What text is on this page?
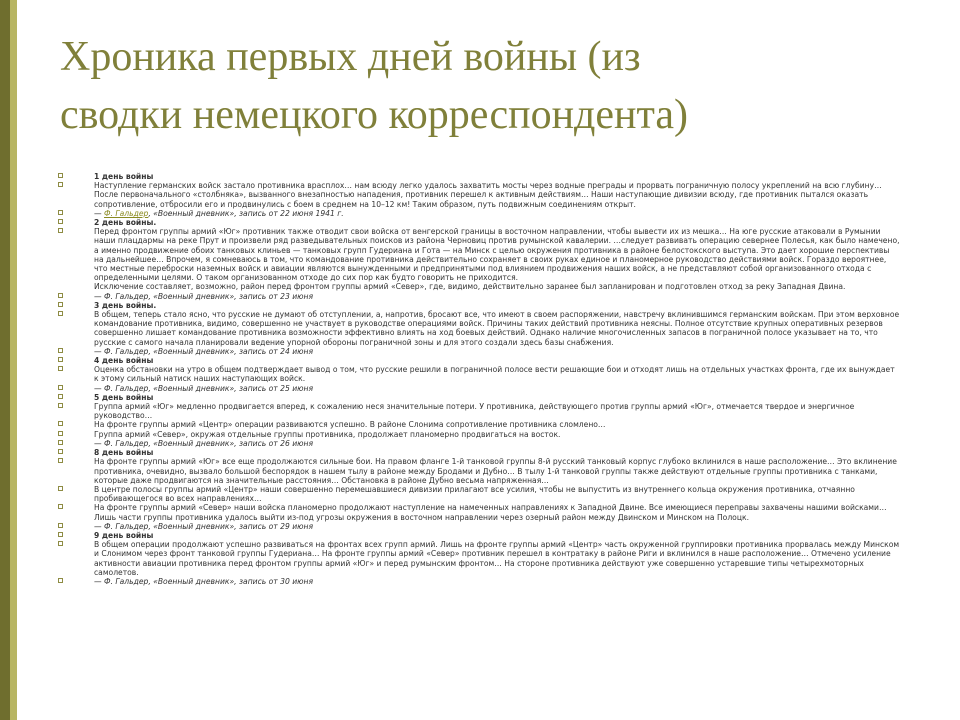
Хроника первых дней войны (из
сводки немецкого корреспондента)
1 день войны
Наступление германских войск застало противника врасплох… нам всюду легко удалось захватить мосты через водные преграды и прорвать пограничную полосу укреплений на всю глубину… После первоначального «столбняка», вызванного внезапностью нападения, противник перешел к активным действиям… Наши наступающие дивизии всюду, где противник пытался оказать сопротивление, отбросили его и продвинулись с боем в среднем на 10–12 км! Таким образом, путь подвижным соединениям открыт.
— Ф. Гальдер, «Военный дневник», запись от 22 июня 1941 г.
2 день войны.
Перед фронтом группы армий «Юг» противник также отводит свои войска от венгерской границы в восточном направлении, чтобы вывести их из мешка… На юге русские атаковали в Румынии наши плацдармы на реке Прут и произвели ряд разведывательных поисков из района Черновиц против румынской кавалерии. …следует развивать операцию севернее Полесья, как было намечено, а именно продвижение обоих танковых клиньев — танковых групп Гудериана и Гота — на Минск с целью окружения противника в районе белостокского выступа. Это дает хорошие перспективы на дальнейшее… Впрочем, я сомневаюсь в том, что командование противника действительно сохраняет в своих руках единое и планомерное руководство действиями войск. Гораздо вероятнее, что местные переброски наземных войск и авиации являются вынужденными и предпринятыми под влиянием продвижения наших войск, а не представляют собой организованного отхода с определенными целями. О таком организованном отходе до сих пор как будто говорить не приходится.
Исключение составляет, возможно, район перед фронтом группы армий «Север», где, видимо, действительно заранее был запланирован и подготовлен отход за реку Западная Двина.
— Ф. Гальдер, «Военный дневник», запись от 23 июня
3 день войны.
В общем, теперь стало ясно, что русские не думают об отступлении, а, напротив, бросают все, что имеют в своем распоряжении, навстречу вклинившимся германским войскам. При этом верховное командование противника, видимо, совершенно не участвует в руководстве операциями войск. Причины таких действий противника неясны. Полное отсутствие крупных оперативных резервов совершенно лишает командование противника возможности эффективно влиять на ход боевых действий. Однако наличие многочисленных запасов в пограничной полосе указывает на то, что русские с самого начала планировали ведение упорной обороны пограничной зоны и для этого создали здесь базы снабжения.
— Ф. Гальдер, «Военный дневник», запись от 24 июня
4 день войны
Оценка обстановки на утро в общем подтверждает вывод о том, что русские решили в пограничной полосе вести решающие бои и отходят лишь на отдельных участках фронта, где их вынуждает к этому сильный натиск наших наступающих войск.
— Ф. Гальдер, «Военный дневник», запись от 25 июня
5 день войны
Группа армий «Юг» медленно продвигается вперед, к сожалению неся значительные потери. У противника, действующего против группы армий «Юг», отмечается твердое и энергичное руководство…
На фронте группы армий «Центр» операции развиваются успешно. В районе Слонима сопротивление противника сломлено…
Группа армий «Север», окружая отдельные группы противника, продолжает планомерно продвигаться на восток.
— Ф. Гальдер, «Военный дневник», запись от 26 июня
8 день войны
На фронте группы армий «Юг» все еще продолжаются сильные бои. На правом фланге 1-й танковой группы 8-й русский танковый корпус глубоко вклинился в наше расположение… Это вклинение противника, очевидно, вызвало большой беспорядок в нашем тылу в районе между Бродами и Дубно… В тылу 1-й танковой группы также действуют отдельные группы противника с танками, которые даже продвигаются на значительные расстояния… Обстановка в районе Дубно весьма напряженная…
В центре полосы группы армий «Центр» наши совершенно перемешавшиеся дивизии прилагают все усилия, чтобы не выпустить из внутреннего кольца окружения противника, отчаянно пробивающегося во всех направлениях…
На фронте группы армий «Север» наши войска планомерно продолжают наступление на намеченных направлениях к Западной Двине. Все имеющиеся переправы захвачены нашими войсками… Лишь части группы противника удалось выйти из-под угрозы окружения в восточном направлении через озерный район между Двинском и Минском на Полоцк.
— Ф. Гальдер, «Военный дневник», запись от 29 июня
9 день войны
В общем операции продолжают успешно развиваться на фронтах всех групп армий. Лишь на фронте группы армий «Центр» часть окруженной группировки противника прорвалась между Минском и Слонимом через фронт танковой группы Гудериана… На фронте группы армий «Север» противник перешел в контратаку в районе Риги и вклинился в наше расположение… Отмечено усиление активности авиации противника перед фронтом группы армий «Юг» и перед румынским фронтом… На стороне противника действуют уже совершенно устаревшие типы четырехмоторных самолетов.
— Ф. Гальдер, «Военный дневник», запись от 30 июня
